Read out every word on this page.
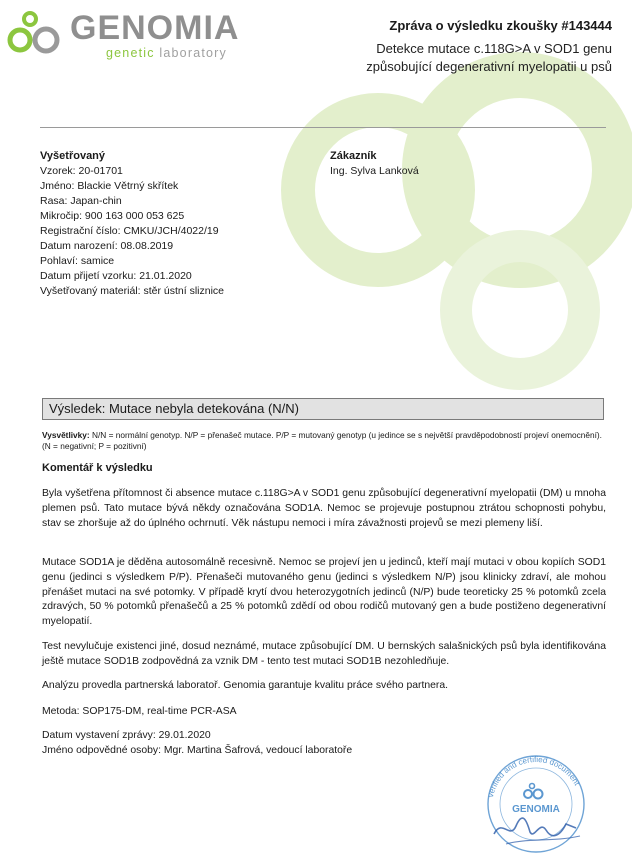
GENOMIA
genetic laboratory
Zpráva o výsledku zkoušky #143444
Detekce mutace c.118G>A v SOD1 genu
způsobující degenerativní myelopatii u psů
Vyšetřovaný
Vzorek: 20-01701
Jméno: Blackie Větrný skřítek
Rasa: Japan-chin
Mikročip: 900 163 000 053 625
Registrační číslo: CMKU/JCH/4022/19
Datum narození: 08.08.2019
Pohlaví: samice
Datum přijetí vzorku: 21.01.2020
Vyšetřovaný materiál: stěr ústní sliznice
Zákazník
Ing. Sylva Lanková
Výsledek: Mutace nebyla detekována (N/N)
Vysvětlivky: N/N = normální genotyp. N/P = přenašeč mutace. P/P = mutovaný genotyp (u jedince se s největší pravděpodobností projeví onemocnění). (N = negativní; P = pozitivní)
Komentář k výsledku
Byla vyšetřena přítomnost či absence mutace c.118G>A v SOD1 genu způsobující degenerativní myelopatii (DM) u mnoha plemen psů. Tato mutace bývá někdy označována SOD1A. Nemoc se projevuje postupnou ztrátou schopnosti pohybu, stav se zhoršuje až do úplného ochrnutí. Věk nástupu nemoci i míra závažnosti projevů se mezi plemeny liší.
Mutace SOD1A je děděna autosomálně recesivně. Nemoc se projeví jen u jedinců, kteří mají mutaci v obou kopiích SOD1 genu (jedinci s výsledkem P/P). Přenašeči mutovaného genu (jedinci s výsledkem N/P) jsou klinicky zdraví, ale mohou přenášet mutaci na své potomky. V případě krytí dvou heterozygotních jedinců (N/P) bude teoreticky 25 % potomků zcela zdravých, 50 % potomků přenašečů a 25 % potomků zdědí od obou rodičů mutovaný gen a bude postiženo degenerativní myelopatií.
Test nevylučuje existenci jiné, dosud neznámé, mutace způsobující DM. U bernských salašnických psů byla identifikována ještě mutace SOD1B zodpovědná za vznik DM - tento test mutaci SOD1B nezohledňuje.
Analýzu provedla partnerská laboratoř. Genomia garantuje kvalitu práce svého partnera.
Metoda: SOP175-DM, real-time PCR-ASA
Datum vystavení zprávy: 29.01.2020
Jméno odpovědné osoby: Mgr. Martina Šafrová, vedoucí laboratoře
verified and certified document
GENOMIA
